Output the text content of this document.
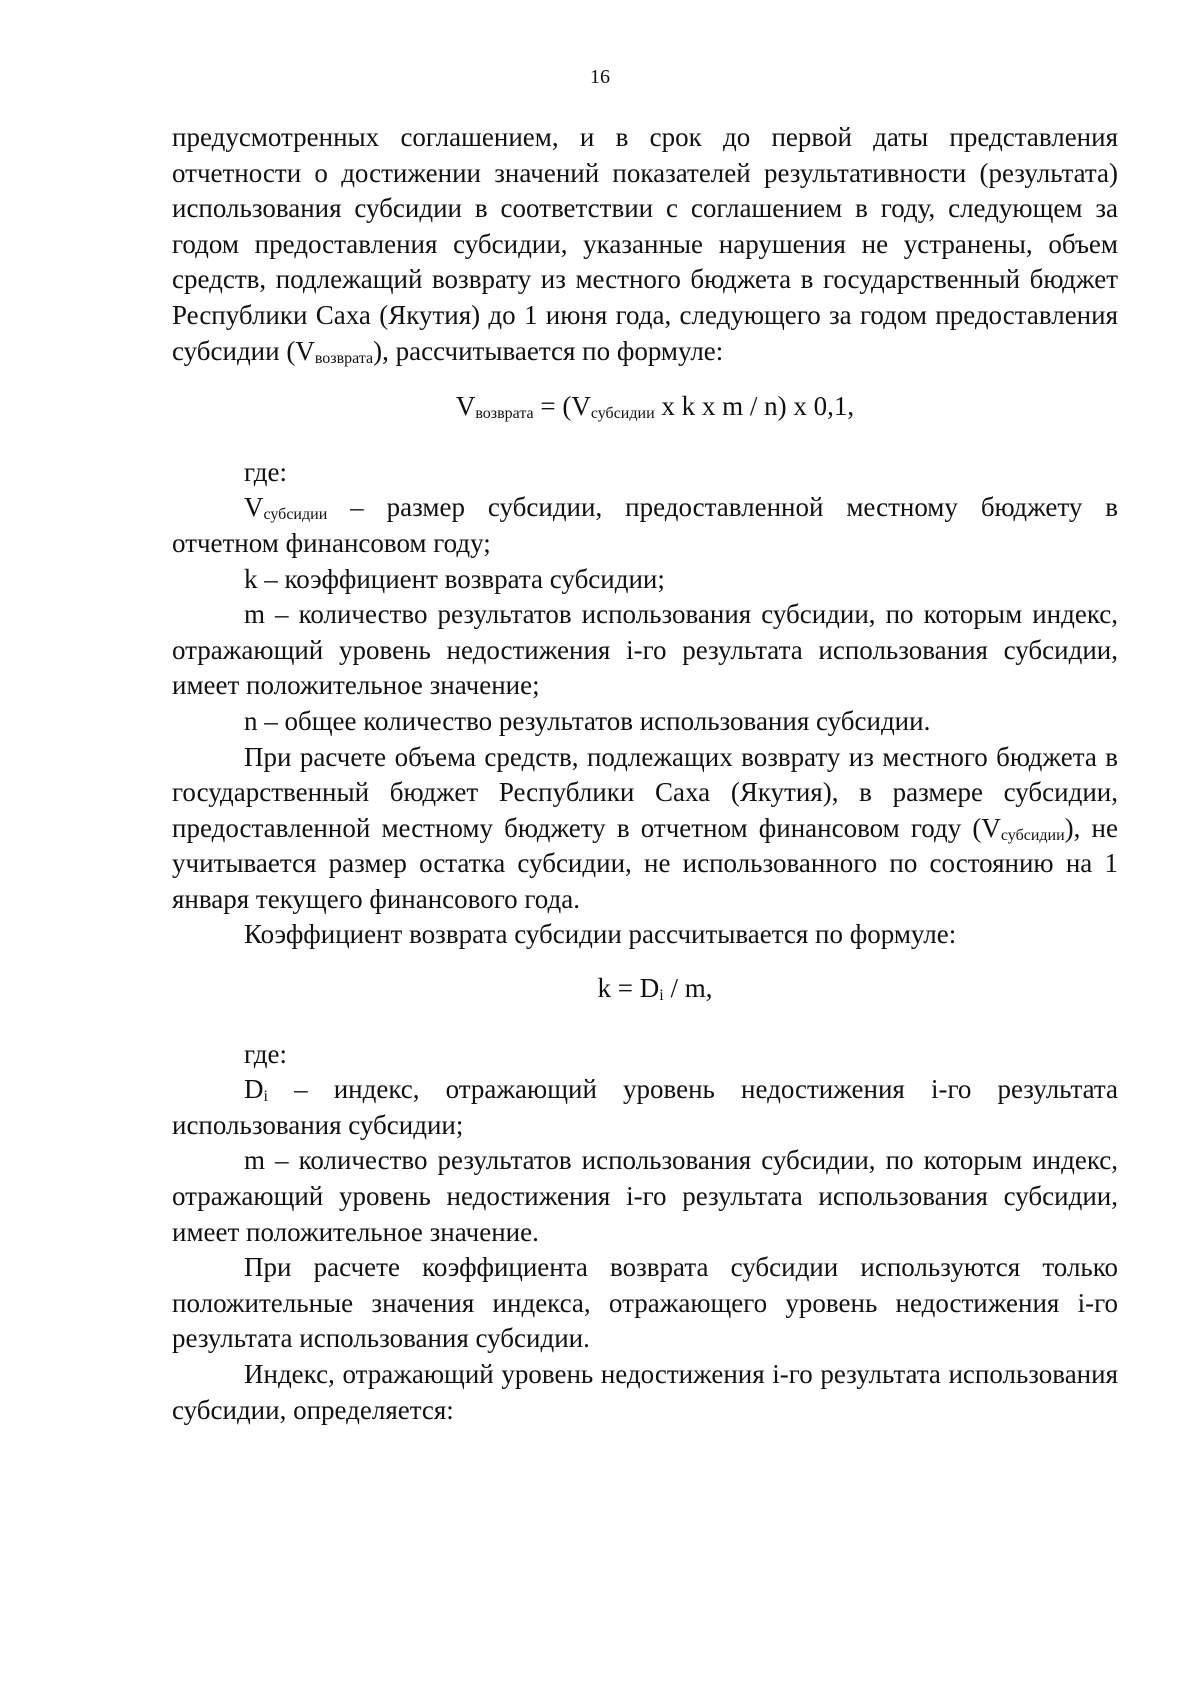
16

предусмотренных соглашением, и в срок до первой даты представления отчетности о достижении значений показателей результативности (результата) использования субсидии в соответствии с соглашением в году, следующем за годом предоставления субсидии, указанные нарушения не устранены, объем средств, подлежащий возврату из местного бюджета в государственный бюджет Республики Саха (Якутия) до 1 июня года, следующего за годом предоставления субсидии (Vвозврата), рассчитывается по формуле:

Vвозврата = (Vсубсидии x k x m / n) x 0,1,

где:

Vсубсидии – размер субсидии, предоставленной местному бюджету в отчетном финансовом году;

k – коэффициент возврата субсидии;

m – количество результатов использования субсидии, по которым индекс, отражающий уровень недостижения i-го результата использования субсидии, имеет положительное значение;

n – общее количество результатов использования субсидии.

При расчете объема средств, подлежащих возврату из местного бюджета в государственный бюджет Республики Саха (Якутия), в размере субсидии, предоставленной местному бюджету в отчетном финансовом году (Vсубсидии), не учитывается размер остатка субсидии, не использованного по состоянию на 1 января текущего финансового года.

Коэффициент возврата субсидии рассчитывается по формуле:

k = Di / m,

где:

Di – индекс, отражающий уровень недостижения i-го результата использования субсидии;

m – количество результатов использования субсидии, по которым индекс, отражающий уровень недостижения i-го результата использования субсидии, имеет положительное значение.

При расчете коэффициента возврата субсидии используются только положительные значения индекса, отражающего уровень недостижения i-го результата использования субсидии.

Индекс, отражающий уровень недостижения i-го результата использования субсидии, определяется:
